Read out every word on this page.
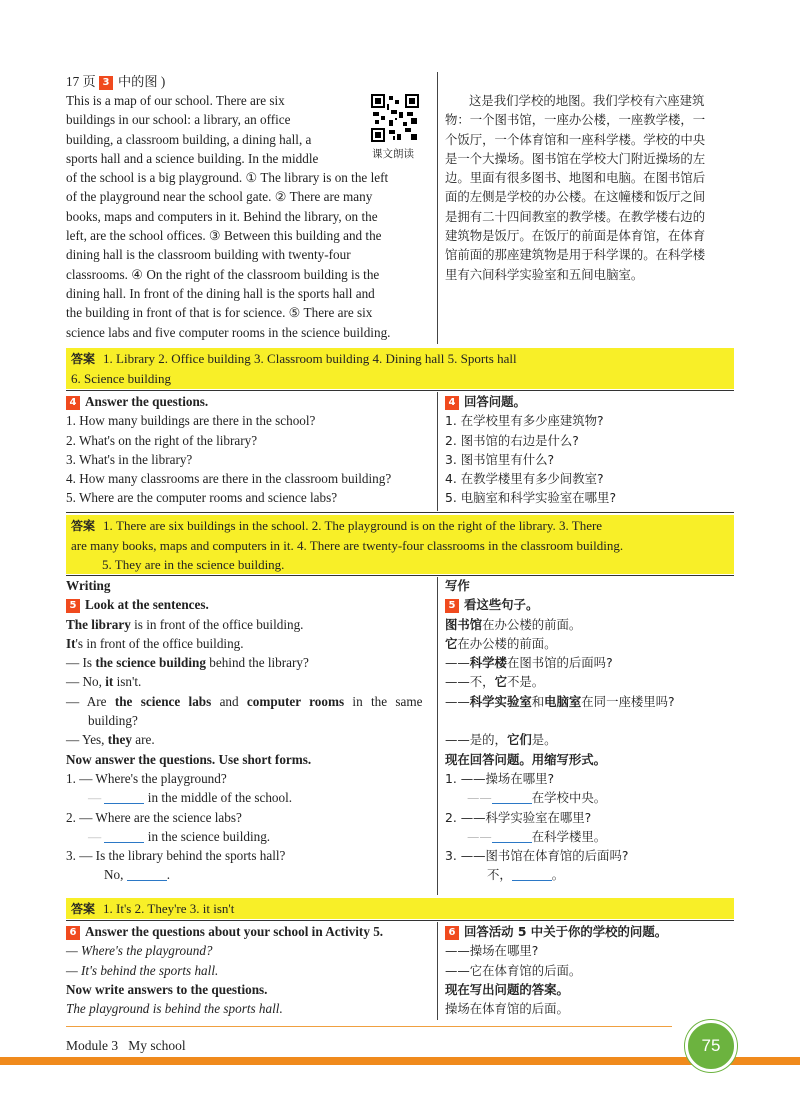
17 页 3 中的图 )

This is a map of our school. There are six

buildings in our school: a library, an office

building, a classroom building, a dining hall, a

sports hall and a science building. In the middle

of the school is a big playground. ① The library is on the left

of the playground near the school gate. ② There are many

books, maps and computers in it. Behind the library, on the

left, are the school offices. ③ Between this building and the

dining hall is the classroom building with twenty-four

classrooms. ④ On the right of the classroom building is the

dining hall. In front of the dining hall is the sports hall and

the building in front of that is for science. ⑤ There are six

science labs and five computer rooms in the science building.

课文朗读

这是我们学校的地图。我们学校有六座建筑

物：一个图书馆，一座办公楼，一座教学楼，一

个饭厅，一个体育馆和一座科学楼。学校的中央

是一个大操场。图书馆在学校大门附近操场的左

边。里面有很多图书、地图和电脑。在图书馆后

面的左侧是学校的办公楼。在这幢楼和饭厅之间

是拥有二十四间教室的教学楼。在教学楼右边的

建筑物是饭厅。在饭厅的前面是体育馆，在体育

馆前面的那座建筑物是用于科学课的。在科学楼

里有六间科学实验室和五间电脑室。

答案 1. Library 2. Office building 3. Classroom building 4. Dining hall 5. Sports hall
6. Science building

4 Answer the questions.

1. How many buildings are there in the school?

2. What's on the right of the library?

3. What's in the library?

4. How many classrooms are there in the classroom building?

5. Where are the computer rooms and science labs?

4 回答问题。

1. 在学校里有多少座建筑物?

2. 图书馆的右边是什么?

3. 图书馆里有什么?

4. 在教学楼里有多少间教室?

5. 电脑室和科学实验室在哪里?

答案 1. There are six buildings in the school. 2. The playground is on the right of the library. 3. There
are many books, maps and computers in it. 4. There are twenty-four classrooms in the classroom building.
5. They are in the science building.

Writing

5 Look at the sentences.

The library is in front of the office building.

It's in front of the office building.

— Is the science building behind the library?

— No, it isn't.

— Are the science labs and computer rooms in the same

building?

— Yes, they are.

Now answer the questions. Use short forms.

1. — Where's the playground?

—	in the middle of the school.

2. — Where are the science labs?

—	in the science building.

3. — Is the library behind the sports hall?

No,	.

写作

5 看这些句子。

图书馆在办公楼的前面。

它在办公楼的前面。

——科学楼在图书馆的后面吗?

——不，它不是。

——科学实验室和电脑室在同一座楼里吗?

——是的，它们是。

现在回答问题。用缩写形式。

1. ——操场在哪里?

——	在学校中央。

2. ——科学实验室在哪里?

——	在科学楼里。

3. ——图书馆在体育馆的后面吗?

不，	。

答案 1. It's 2. They're 3. it isn't

6 Answer the questions about your school in Activity 5.

— Where's the playground?

— It's behind the sports hall.

Now write answers to the questions.

The playground is behind the sports hall.

6 回答活动 5 中关于你的学校的问题。

——操场在哪里?

——它在体育馆的后面。

现在写出问题的答案。

操场在体育馆的后面。

Module 3 My school	75
